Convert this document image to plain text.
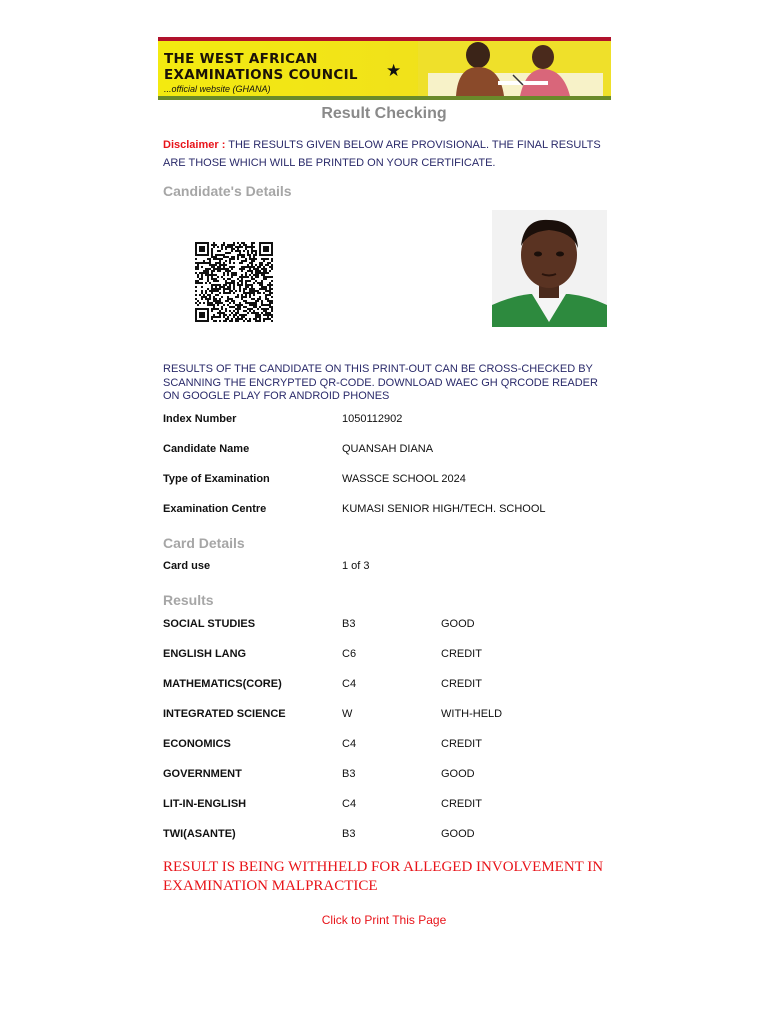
THE WEST AFRICAN
EXAMINATIONS COUNCIL
...official website (GHANA)
★
Result Checking
Disclaimer : THE RESULTS GIVEN BELOW ARE PROVISIONAL. THE FINAL RESULTS ARE THOSE WHICH WILL BE PRINTED ON YOUR CERTIFICATE.
Candidate's Details
RESULTS OF THE CANDIDATE ON THIS PRINT-OUT CAN BE CROSS-CHECKED BY SCANNING THE ENCRYPTED QR-CODE. DOWNLOAD WAEC GH QRCODE READER ON GOOGLE PLAY FOR ANDROID PHONES
Index Number	1050112902
Candidate Name	QUANSAH DIANA
Type of Examination	WASSCE SCHOOL 2024
Examination Centre	KUMASI SENIOR HIGH/TECH. SCHOOL
Card Details
Card use	1 of 3
Results
SOCIAL STUDIES	B3	GOOD
ENGLISH LANG	C6	CREDIT
MATHEMATICS(CORE)	C4	CREDIT
INTEGRATED SCIENCE	W	WITH-HELD
ECONOMICS	C4	CREDIT
GOVERNMENT	B3	GOOD
LIT-IN-ENGLISH	C4	CREDIT
TWI(ASANTE)	B3	GOOD
RESULT IS BEING WITHHELD FOR ALLEGED INVOLVEMENT IN EXAMINATION MALPRACTICE
Click to Print This Page
